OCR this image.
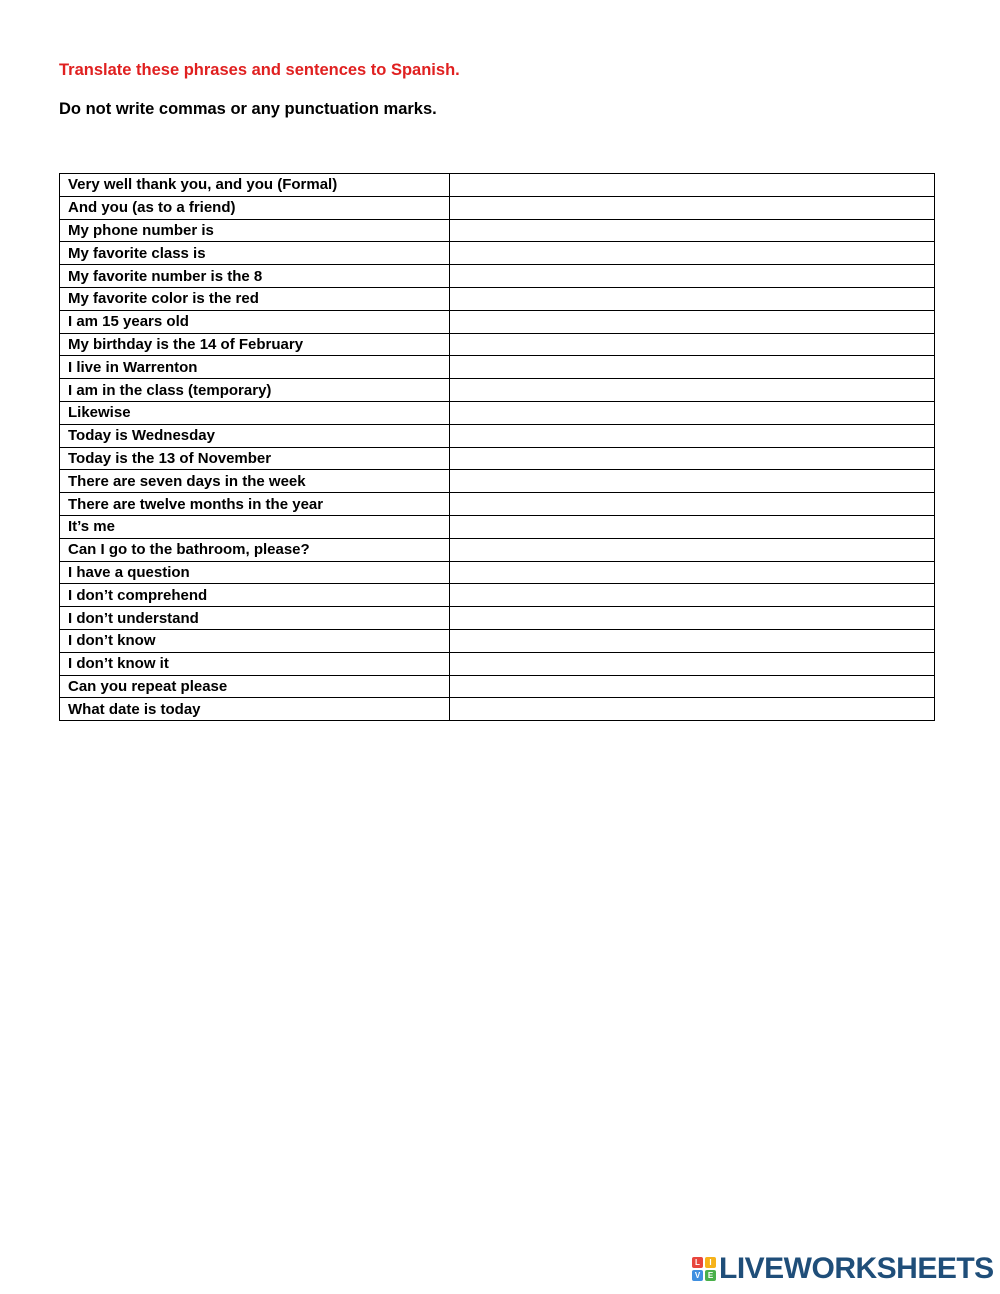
Translate these phrases and sentences to Spanish.

Do not write commas or any punctuation marks.

Very well thank you, and you (Formal)	
And you (as to a friend)	
My phone number is	
My favorite class is	
My favorite number is the 8	
My favorite color is the red	
I am 15 years old	
My birthday is the 14 of February	
I live in Warrenton	
I am in the class (temporary)	
Likewise	
Today is Wednesday	
Today is the 13 of November	
There are seven days in the week	
There are twelve months in the year	
It’s me	
Can I go to the bathroom, please?	
I have a question	
I don’t comprehend	
I don’t understand	
I don’t know	
I don’t know it	
Can you repeat please	
What date is today	
L	I
V E LIVEWORKSHEETS
